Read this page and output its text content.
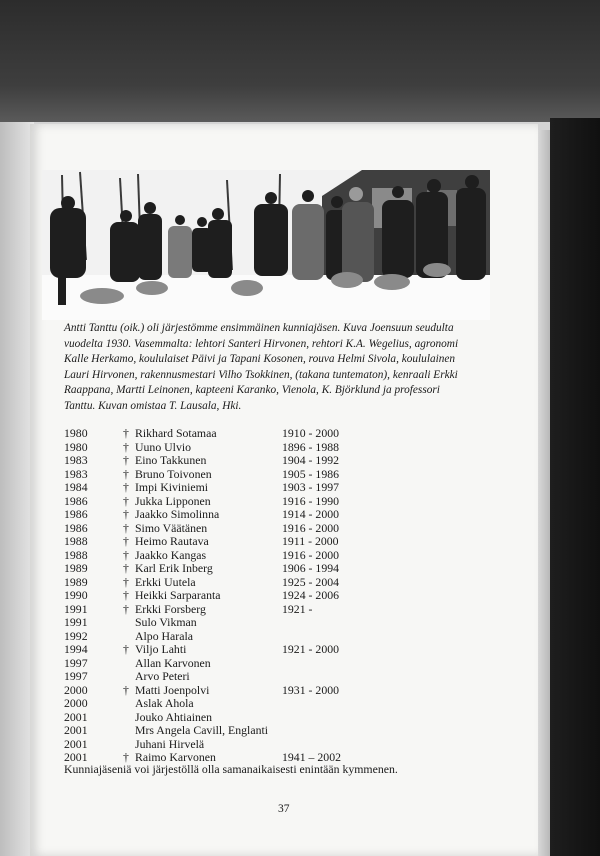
Antti Tanttu (oik.) oli järjestömme ensimmäinen kunniajäsen. Kuva Joensuun seudulta vuodelta 1930. Vasemmalta: lehtori Santeri Hirvonen, rehtori K.A. Wegelius, agronomi Kalle Herkamo, koululaiset Päivi ja Tapani Kosonen, rouva Helmi Sivola, koululainen Lauri Hirvonen, rakennusmestari Vilho Tsokkinen, (takana tuntematon), kenraali Erkki Raappana, Martti Leinonen, kapteeni Karanko, Vienola, K. Björklund ja professori Tanttu. Kuvan omistaa T. Lausala, Hki.

1980	† Rikhard Sotamaa	1910 - 2000
1980	† Uuno Ulvio	1896 - 1988
1983	† Eino Takkunen	1904 - 1992
1983	† Bruno Toivonen	1905 - 1986
1984	† Impi Kiviniemi	1903 - 1997
1986	† Jukka Lipponen	1916 - 1990
1986	† Jaakko Simolinna	1914 - 2000
1986	† Simo Väätänen	1916 - 2000
1988	† Heimo Rautava	1911 - 2000
1988	† Jaakko Kangas	1916 - 2000
1989	† Karl Erik Inberg	1906 - 1994
1989	† Erkki Uutela	1925 - 2004
1990	† Heikki Sarparanta	1924 - 2006
1991	† Erkki Forsberg	1921 -
1991	Sulo Vikman
1992	Alpo Harala
1994	† Viljo Lahti	1921 - 2000
1997	Allan Karvonen
1997	Arvo Peteri
2000	† Matti Joenpolvi	1931 - 2000
2000	Aslak Ahola
2001	Jouko Ahtiainen
2001	Mrs Angela Cavill, Englanti
2001	Juhani Hirvelä
2001	† Raimo Karvonen	1941 – 2002

Kunniajäseniä voi järjestöllä olla samanaikaisesti enintään kymmenen.

37
